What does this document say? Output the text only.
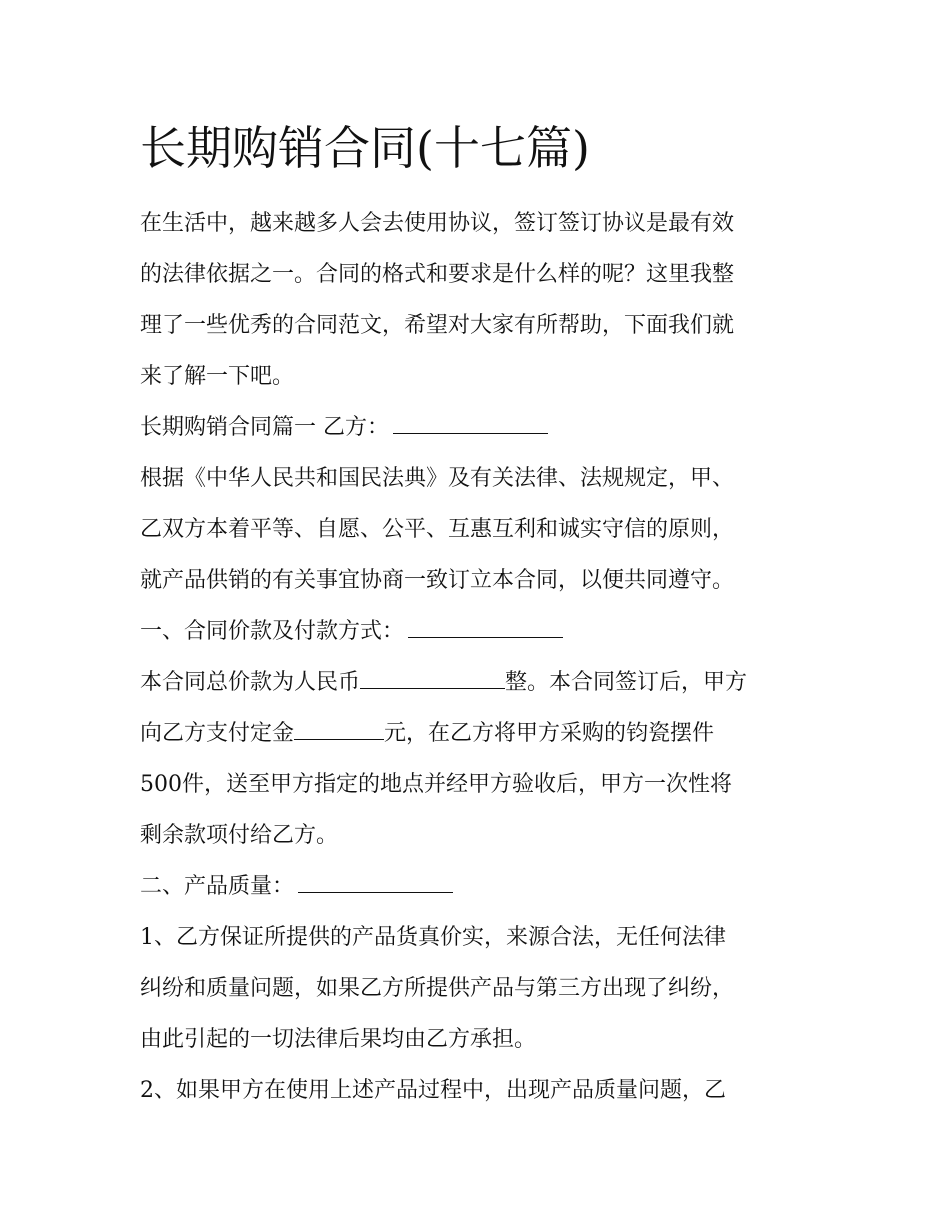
长期购销合同(十七篇)
在生活中，越来越多人会去使用协议，签订签订协议是最有效
的法律依据之一。合同的格式和要求是什么样的呢？这里我整
理了一些优秀的合同范文，希望对大家有所帮助，下面我们就
来了解一下吧。
长期购销合同篇一 乙方：
根据《中华人民共和国民法典》及有关法律、法规规定，甲、
乙双方本着平等、自愿、公平、互惠互利和诚实守信的原则，
就产品供销的有关事宜协商一致订立本合同，以便共同遵守。
一、合同价款及付款方式：
本合同总价款为人民币	整。本合同签订后，甲方
向乙方支付定金	元，在乙方将甲方采购的钧瓷摆件
500件，送至甲方指定的地点并经甲方验收后，甲方一次性将
剩余款项付给乙方。
二、产品质量：
1、乙方保证所提供的产品货真价实，来源合法，无任何法律
纠纷和质量问题，如果乙方所提供产品与第三方出现了纠纷，
由此引起的一切法律后果均由乙方承担。
2、如果甲方在使用上述产品过程中，出现产品质量问题，乙
